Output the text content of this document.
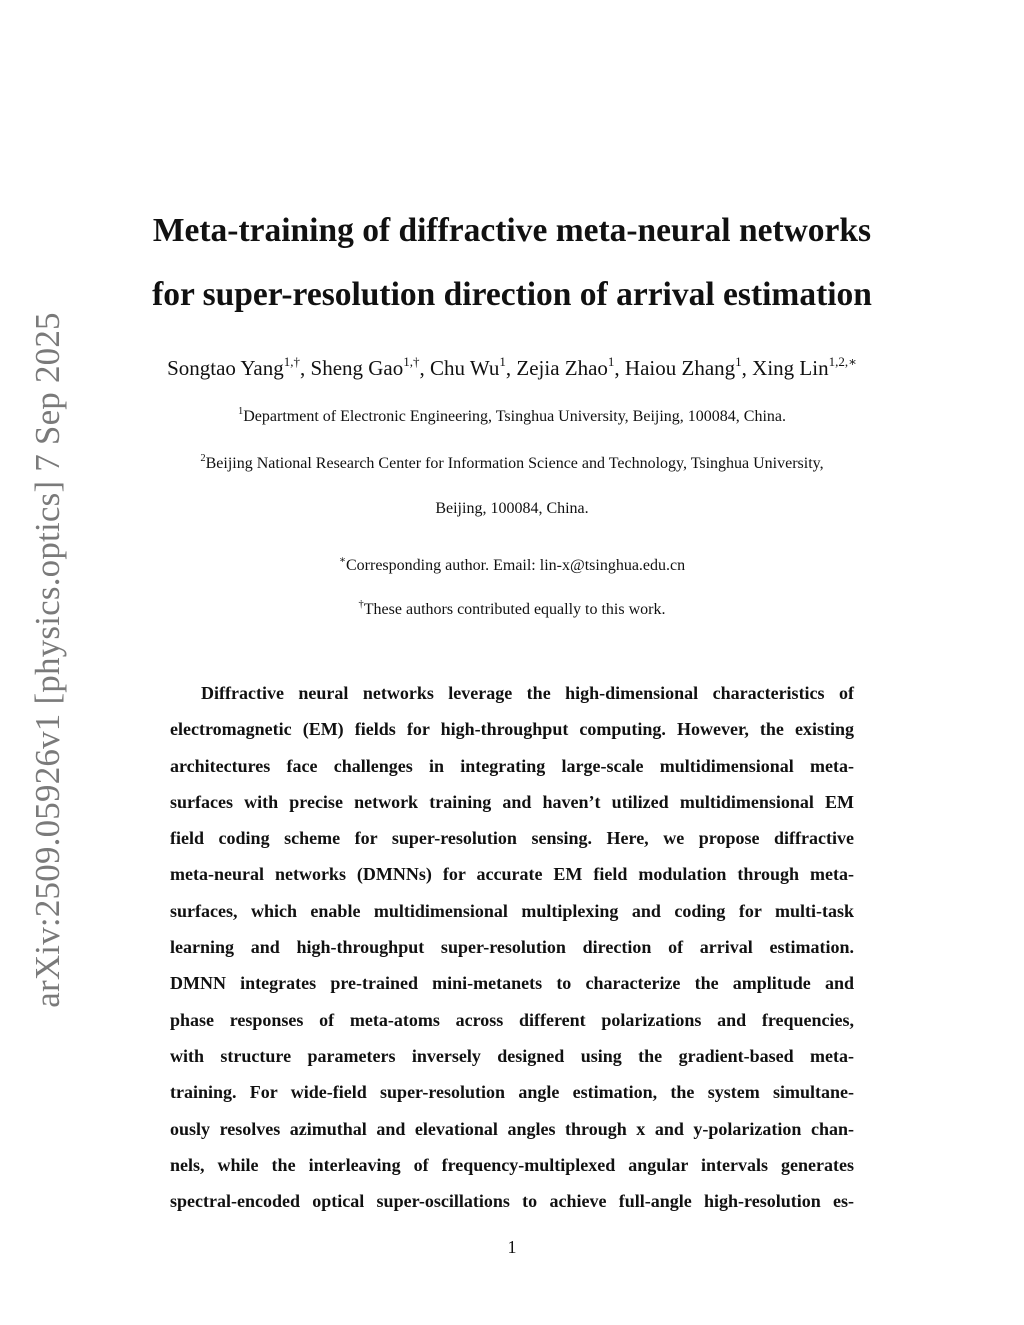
arXiv:2509.05926v1 [physics.optics] 7 Sep 2025
Meta-training of diffractive meta-neural networks
for super-resolution direction of arrival estimation
Songtao Yang$^{1,\dagger}$, Sheng Gao$^{1,\dagger}$, Chu Wu$^1$, Zejia Zhao$^1$, Haiou Zhang$^1$, Xing Lin$^{1,2,∗}$
$^1$Department of Electronic Engineering, Tsinghua University, Beijing, 100084, China.
$^2$Beijing National Research Center for Information Science and Technology, Tsinghua University,
Beijing, 100084, China.
∗Corresponding author. Email: lin-x@tsinghua.edu.cn
†These authors contributed equally to this work.
Diffractive neural networks leverage the high-dimensional characteristics of
electromagnetic (EM) fields for high-throughput computing. However, the existing
architectures face challenges in integrating large-scale multidimensional meta-
surfaces with precise network training and haven’t utilized multidimensional EM
field coding scheme for super-resolution sensing. Here, we propose diffractive
meta-neural networks (DMNNs) for accurate EM field modulation through meta-
surfaces, which enable multidimensional multiplexing and coding for multi-task
learning and high-throughput super-resolution direction of arrival estimation.
DMNN integrates pre-trained mini-metanets to characterize the amplitude and
phase responses of meta-atoms across different polarizations and frequencies,
with structure parameters inversely designed using the gradient-based meta-
training. For wide-field super-resolution angle estimation, the system simultane-
ously resolves azimuthal and elevational angles through x and y-polarization chan-
nels, while the interleaving of frequency-multiplexed angular intervals generates
spectral-encoded optical super-oscillations to achieve full-angle high-resolution es-
1
